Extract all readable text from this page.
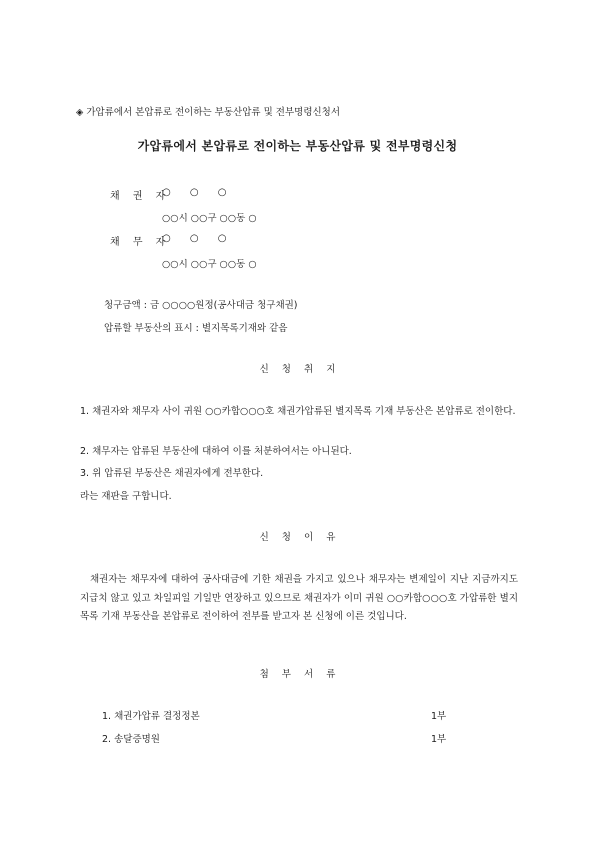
◈ 가압류에서 본압류로 전이하는 부동산압류 및 전부명령신청서
가압류에서 본압류로 전이하는 부동산압류 및 전부명령신청
채 권 자
○ ○ ○
○○시 ○○구 ○○동 ○
채 무 자
○ ○ ○
○○시 ○○구 ○○동 ○
청구금액 : 금 ○○○○원정(공사대금 청구채권)
압류할 부동산의 표시 : 별지목록기재와 같음
신 청 취 지
1. 채권자와 채무자 사이 귀원 ○○카합○○○호 채권가압류된 별지목록 기재 부동산은 본압류로 전이한다.
2. 채무자는 압류된 부동산에 대하여 이를 처분하여서는 아니된다.
3. 위 압류된 부동산은 채권자에게 전부한다.
라는 재판을 구합니다.
신 청 이 유
채권자는 채무자에 대하여 공사대금에 기한 채권을 가지고 있으나 채무자는 변제일이 지난 지금까지도 지급치 않고 있고 차일피일 기일만 연장하고 있으므로 채권자가 이미 귀원 ○○카합○○○호 가압류한 별지목록 기재 부동산을 본압류로 전이하여 전부를 받고자 본 신청에 이른 것입니다.
첨 부 서 류
1. 채권가압류 결정정본	1부
2. 송달증명원	1부
